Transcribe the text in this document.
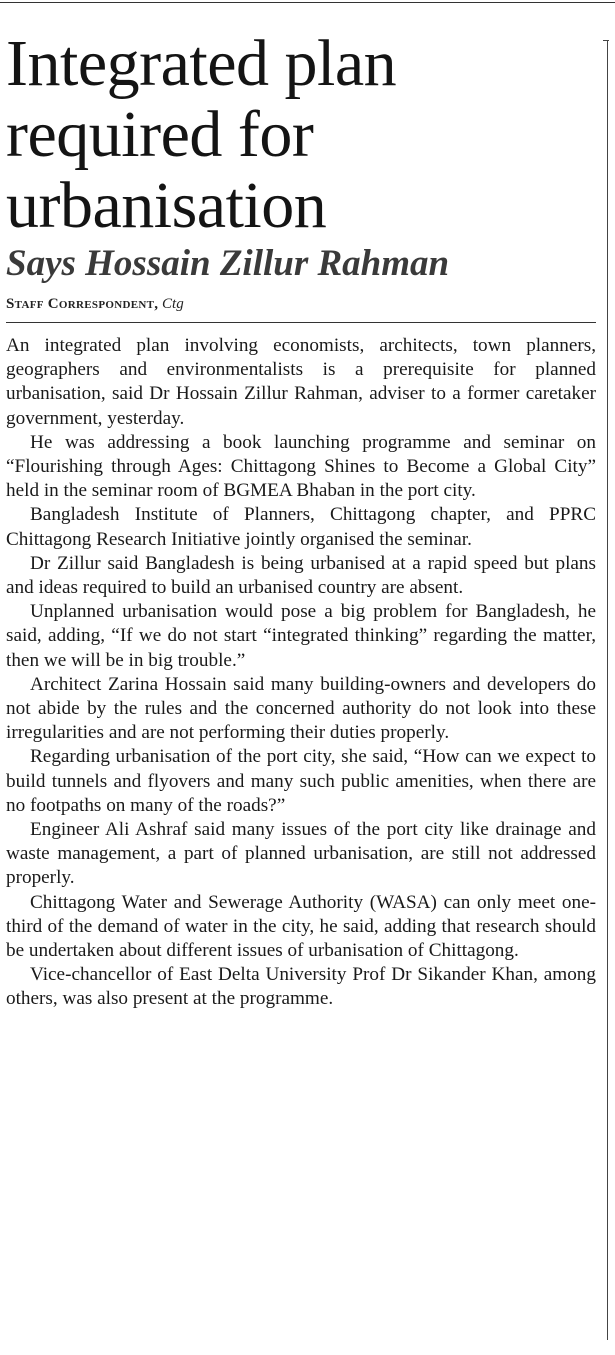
Integrated plan
required for
urbanisation
Says Hossain Zillur Rahman
Staff Correspondent, Ctg

An integrated plan involving economists, architects, town planners, geographers and environmentalists is a prerequisite for planned urbanisation, said Dr Hossain Zillur Rahman, adviser to a former caretaker government, yesterday.

He was addressing a book launching programme and seminar on “Flourishing through Ages: Chittagong Shines to Become a Global City” held in the seminar room of BGMEA Bhaban in the port city.

Bangladesh Institute of Planners, Chittagong chapter, and PPRC Chittagong Research Initiative jointly organised the seminar.

Dr Zillur said Bangladesh is being urbanised at a rapid speed but plans and ideas required to build an urbanised country are absent.

Unplanned urbanisation would pose a big problem for Bangladesh, he said, adding, “If we do not start “integrated thinking” regarding the matter, then we will be in big trouble.”

Architect Zarina Hossain said many building-owners and developers do not abide by the rules and the concerned authority do not look into these irregularities and are not performing their duties properly.

Regarding urbanisation of the port city, she said, “How can we expect to build tunnels and flyovers and many such public amenities, when there are no footpaths on many of the roads?”

Engineer Ali Ashraf said many issues of the port city like drainage and waste management, a part of planned urbanisation, are still not addressed properly.

Chittagong Water and Sewerage Authority (WASA) can only meet one-third of the demand of water in the city, he said, adding that research should be undertaken about different issues of urbanisation of Chittagong.

Vice-chancellor of East Delta University Prof Dr Sikander Khan, among others, was also present at the programme.
